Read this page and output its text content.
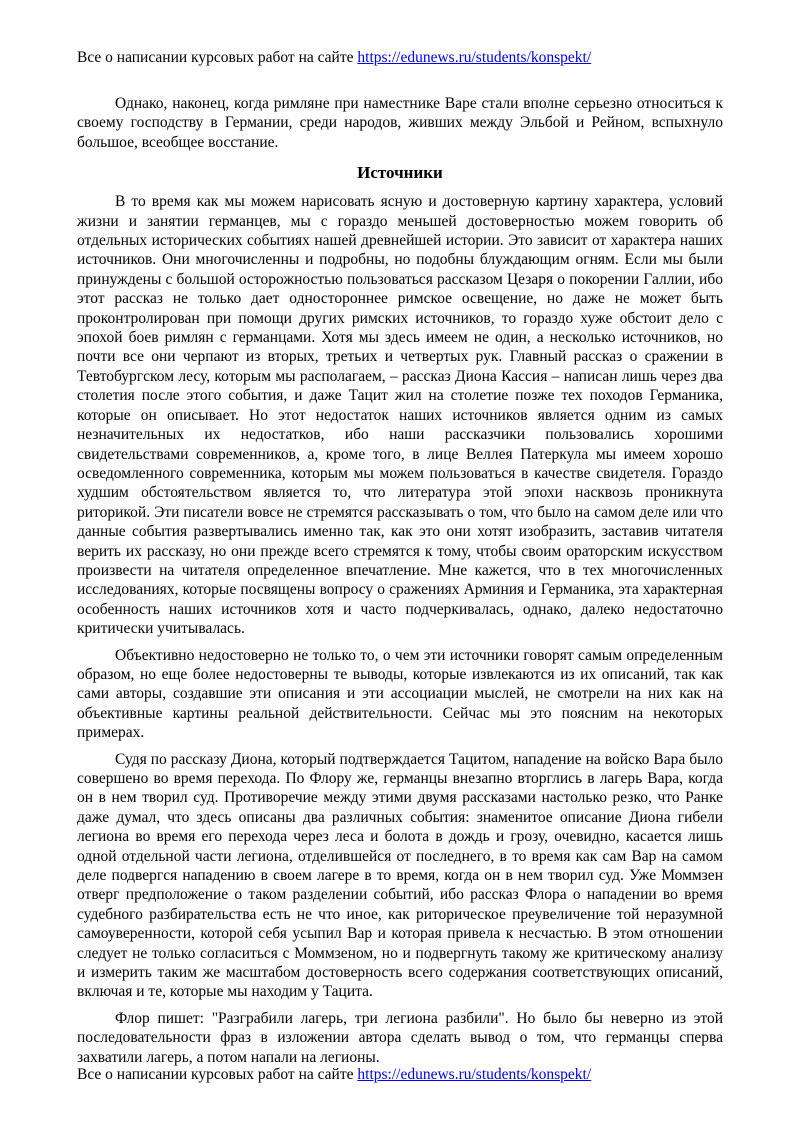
Все о написании курсовых работ на сайте https://edunews.ru/students/konspekt/

Однако, наконец, когда римляне при наместнике Варе стали вполне серьезно относиться к своему господству в Германии, среди народов, живших между Эльбой и Рейном, вспыхнуло большое, всеобщее восстание.

Источники

В то время как мы можем нарисовать ясную и достоверную картину характера, условий жизни и занятии германцев, мы с гораздо меньшей достоверностью можем говорить об отдельных исторических событиях нашей древнейшей истории. Это зависит от характера наших источников. Они многочисленны и подробны, но подобны блуждающим огням. Если мы были принуждены с большой осторожностью пользоваться рассказом Цезаря о покорении Галлии, ибо этот рассказ не только дает одностороннее римское освещение, но даже не может быть проконтролирован при помощи других римских источников, то гораздо хуже обстоит дело с эпохой боев римлян с германцами. Хотя мы здесь имеем не один, а несколько источников, но почти все они черпают из вторых, третьих и четвертых рук. Главный рассказ о сражении в Тевтобургском лесу, которым мы располагаем, – рассказ Диона Кассия – написан лишь через два столетия после этого события, и даже Тацит жил на столетие позже тех походов Германика, которые он описывает. Но этот недостаток наших источников является одним из самых незначительных их недостатков, ибо наши рассказчики пользовались хорошими свидетельствами современников, а, кроме того, в лице Веллея Патеркула мы имеем хорошо осведомленного современника, которым мы можем пользоваться в качестве свидетеля. Гораздо худшим обстоятельством является то, что литература этой эпохи насквозь проникнута риторикой. Эти писатели вовсе не стремятся рассказывать о том, что было на самом деле или что данные события развертывались именно так, как это они хотят изобразить, заставив читателя верить их рассказу, но они прежде всего стремятся к тому, чтобы своим ораторским искусством произвести на читателя определенное впечатление. Мне кажется, что в тех многочисленных исследованиях, которые посвящены вопросу о сражениях Арминия и Германика, эта характерная особенность наших источников хотя и часто подчеркивалась, однако, далеко недостаточно критически учитывалась.

Объективно недостоверно не только то, о чем эти источники говорят самым определенным образом, но еще более недостоверны те выводы, которые извлекаются из их описаний, так как сами авторы, создавшие эти описания и эти ассоциации мыслей, не смотрели на них как на объективные картины реальной действительности. Сейчас мы это поясним на некоторых примерах.

Судя по рассказу Диона, который подтверждается Тацитом, нападение на войско Вара было совершено во время перехода. По Флору же, германцы внезапно вторглись в лагерь Вара, когда он в нем творил суд. Противоречие между этими двумя рассказами настолько резко, что Ранке даже думал, что здесь описаны два различных события: знаменитое описание Диона гибели легиона во время его перехода через леса и болота в дождь и грозу, очевидно, касается лишь одной отдельной части легиона, отделившейся от последнего, в то время как сам Вар на самом деле подвергся нападению в своем лагере в то время, когда он в нем творил суд. Уже Моммзен отверг предположение о таком разделении событий, ибо рассказ Флора о нападении во время судебного разбирательства есть не что иное, как риторическое преувеличение той неразумной самоуверенности, которой себя усыпил Вар и которая привела к несчастью. В этом отношении следует не только согласиться с Моммзеном, но и подвергнуть такому же критическому анализу и измерить таким же масштабом достоверность всего содержания соответствующих описаний, включая и те, которые мы находим у Тацита.

Флор пишет: "Разграбили лагерь, три легиона разбили". Но было бы неверно из этой последовательности фраз в изложении автора сделать вывод о том, что германцы сперва захватили лагерь, а потом напали на легионы.

Все о написании курсовых работ на сайте https://edunews.ru/students/konspekt/
